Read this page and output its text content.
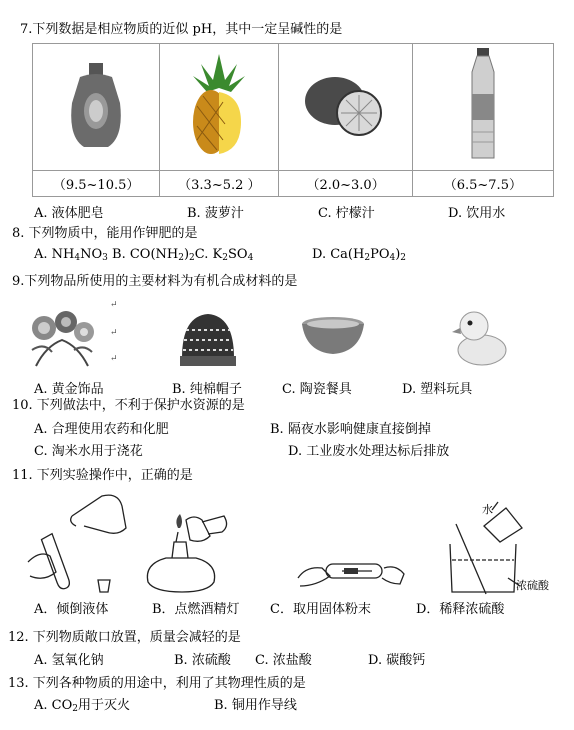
7.下列数据是相应物质的近似 pH，其中一定呈碱性的是

（9.5~10.5）	（3.3~5.2 ）	（2.0~3.0）	（6.5~7.5）
A. 液体肥皂	B. 菠萝汁	C. 柠檬汁	D. 饮用水
8. 下列物质中，能用作钾肥的是
A. $NH_4NO_3$ B. $CO(NH_2)_2C$. $K_2SO_4$	D. $Ca(H_2PO_4)_2$
9.下列物品所使用的主要材料为有机合成材料的是
↵
↵
↵
A. 黄金饰品	B. 纯棉帽子	C. 陶瓷餐具	D. 塑料玩具
10. 下列做法中，不利于保护水资源的是
A. 合理使用农药和化肥	B. 隔夜水影响健康直接倒掉
C. 淘米水用于浇花	D. 工业废水处理达标后排放
11. 下列实验操作中，正确的是
水
浓硫酸
A．倾倒液体	B．点燃酒精灯 C．取用固体粉末	D．稀释浓硫酸
12. 下列物质敞口放置，质量会减轻的是
A. 氢氧化钠	B. 浓硫酸 C. 浓盐酸	D. 碳酸钙
13. 下列各种物质的用途中，利用了其物理性质的是
A. $CO_2$用于灭火	B. 铜用作导线
